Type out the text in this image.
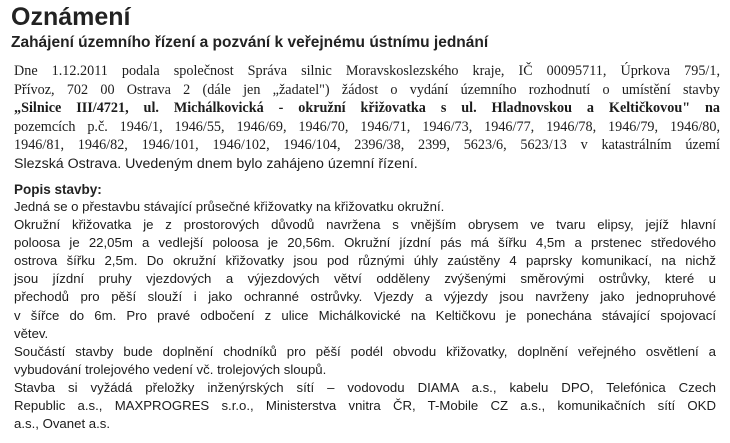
Oznámení
Zahájení územního řízení a pozvání k veřejnému ústnímu jednání
Dne 1.12.2011 podala společnost Správa silnic Moravskoslezského kraje, IČ 00095711, Úprkova 795/1,
Přívoz, 702 00 Ostrava 2 (dále jen „žadatel") žádost o vydání územního rozhodnutí o umístění stavby
„Silnice III/4721, ul. Michálkovická - okružní křižovatka s ul. Hladnovskou a Keltičkovou" na
pozemcích p.č. 1946/1, 1946/55, 1946/69, 1946/70, 1946/71, 1946/73, 1946/77, 1946/78, 1946/79, 1946/80,
1946/81, 1946/82, 1946/101, 1946/102, 1946/104, 2396/38, 2399, 5623/6, 5623/13 v katastrálním území
Slezská Ostrava. Uvedeným dnem bylo zahájeno územní řízení.
Popis stavby:
Jedná se o přestavbu stávající průsečné křižovatky na křižovatku okružní.
Okružní křižovatka je z prostorových důvodů navržena s vnějším obrysem ve tvaru elipsy, jejíž hlavní
poloosa je 22,05m a vedlejší poloosa je 20,56m. Okružní jízdní pás má šířku 4,5m a prstenec středového
ostrova šířku 2,5m. Do okružní křižovatky jsou pod různými úhly zaústěny 4 paprsky komunikací, na nichž
jsou jízdní pruhy vjezdových a výjezdových větví odděleny zvýšenými směrovými ostrůvky, které u
přechodů pro pěší slouží i jako ochranné ostrůvky. Vjezdy a výjezdy jsou navrženy jako jednopruhové
v šířce do 6m. Pro pravé odbočení z ulice Michálkovické na Keltičkovu je ponechána stávající spojovací
větev.
Součástí stavby bude doplnění chodníků pro pěší podél obvodu křižovatky, doplnění veřejného osvětlení a
vybudování trolejového vedení vč. trolejových sloupů.
Stavba si vyžádá přeložky inženýrských sítí – vodovodu DIAMA a.s., kabelu DPO, Telefónica Czech
Republic a.s., MAXPROGRES s.r.o., Ministerstva vnitra ČR, T-Mobile CZ a.s., komunikačních sítí OKD
a.s., Ovanet a.s.
